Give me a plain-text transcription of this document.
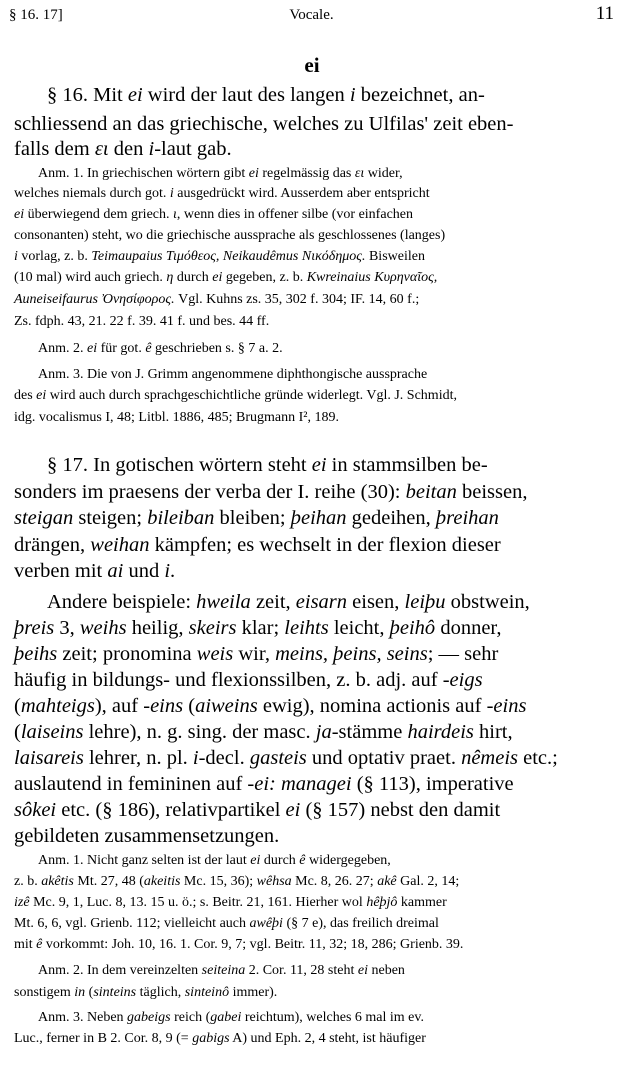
§ 16. 17]	Vocale.	11
ei
§ 16. Mit ei wird der laut des langen i bezeichnet, an-
schliessend an das griechische, welches zu Ulfilas' zeit eben-
falls dem ει den i-laut gab.
Anm. 1. In griechischen wörtern gibt ei regelmässig das ει wider,
welches niemals durch got. i ausgedrückt wird. Ausserdem aber entspricht
ei überwiegend dem griech. ι, wenn dies in offener silbe (vor einfachen
consonanten) steht, wo die griechische aussprache als geschlossenes (langes)
i vorlag, z. b. Teimaupaius Τιμόθεος, Neikaudêmus Νικόδημος. Bisweilen
(10 mal) wird auch griech. η durch ei gegeben, z. b. Kwreinaius Κυρηναῖος,
Auneiseifaurus Ὀνησίφορος. Vgl. Kuhns zs. 35, 302 f. 304; IF. 14, 60 f.;
Zs. fdph. 43, 21. 22 f. 39. 41 f. und bes. 44 ff.
Anm. 2. ei für got. ê geschrieben s. § 7 a. 2.
Anm. 3. Die von J. Grimm angenommene diphthongische aussprache
des ei wird auch durch sprachgeschichtliche gründe widerlegt. Vgl. J. Schmidt,
idg. vocalismus I, 48; Litbl. 1886, 485; Brugmann I², 189.
§ 17. In gotischen wörtern steht ei in stammsilben be-
sonders im praesens der verba der I. reihe (30): beitan beissen,
steigan steigen; bileiban bleiben; þeihan gedeihen, þreihan
drängen, weihan kämpfen; es wechselt in der flexion dieser
verben mit ai und i.
Andere beispiele: hweila zeit, eisarn eisen, leiþu obstwein,
þreis 3, weihs heilig, skeirs klar; leihts leicht, þeihô donner,
þeihs zeit; pronomina weis wir, meins, þeins, seins; — sehr
häufig in bildungs- und flexionssilben, z. b. adj. auf -eigs
(mahteigs), auf -eins (aiweins ewig), nomina actionis auf -eins
(laiseins lehre), n. g. sing. der masc. ja-stämme hairdeis hirt,
laisareis lehrer, n. pl. i-decl. gasteis und optativ praet. nêmeis etc.;
auslautend in femininen auf -ei: managei (§ 113), imperative
sôkei etc. (§ 186), relativpartikel ei (§ 157) nebst den damit
gebildeten zusammensetzungen.
Anm. 1. Nicht ganz selten ist der laut ei durch ê widergegeben,
z. b. akêtis Mt. 27, 48 (akeitis Mc. 15, 36); wêhsa Mc. 8, 26. 27; akê Gal. 2, 14;
izê Mc. 9, 1, Luc. 8, 13. 15 u. ö.; s. Beitr. 21, 161. Hierher wol hêþjô kammer
Mt. 6, 6, vgl. Grienb. 112; vielleicht auch awêþi (§ 7 e), das freilich dreimal
mit ê vorkommt: Joh. 10, 16. 1. Cor. 9, 7; vgl. Beitr. 11, 32; 18, 286; Grienb. 39.
Anm. 2. In dem vereinzelten seiteina 2. Cor. 11, 28 steht ei neben
sonstigem in (sinteins täglich, sinteinô immer).
Anm. 3. Neben gabeigs reich (gabei reichtum), welches 6 mal im ev.
Luc., ferner in B 2. Cor. 8, 9 (= gabigs A) und Eph. 2, 4 steht, ist häufiger
